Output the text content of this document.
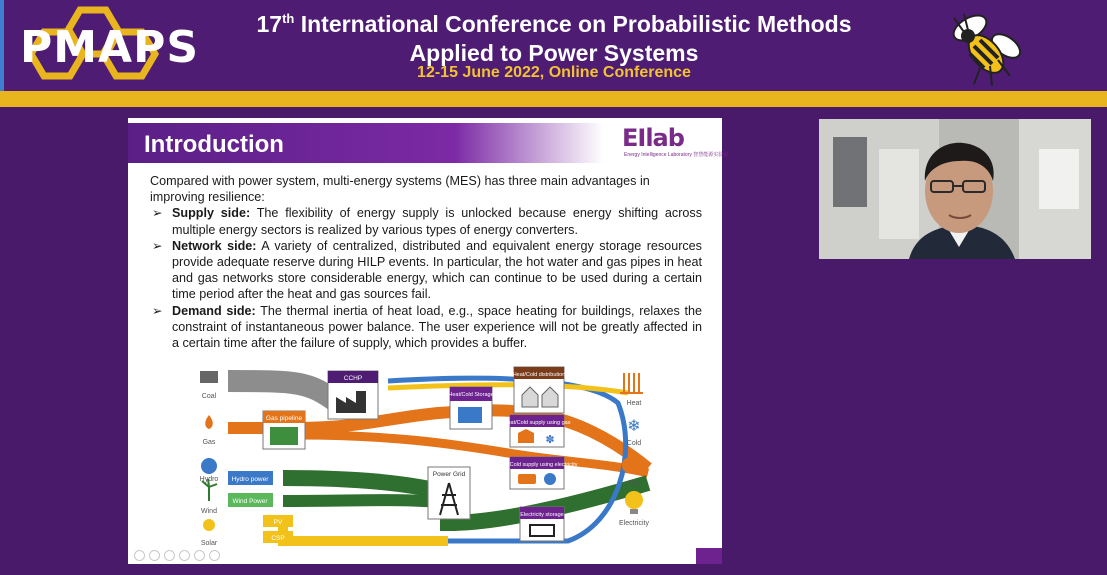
PMAPS	17th International Conference on Probabilistic Methods
Applied to Power Systems
12-15 June 2022, Online Conference
Introduction	EIlab
Energy Intelligence Laboratory 智慧能源实验室

Compared with power system, multi-energy systems (MES) has three main advantages in improving resilience:

➢ Supply side: The flexibility of energy supply is unlocked because energy shifting across multiple energy sectors is realized by various types of energy converters.

➢ Network side: A variety of centralized, distributed and equivalent energy storage resources provide adequate reserve during HILP events. In particular, the hot water and gas pipes in heat and gas networks store considerable energy, which can continue to be used during a certain time period after the heat and gas sources fail.

➢ Demand side: The thermal inertia of heat load, e.g., space heating for buildings, relaxes the constraint of instantaneous power balance. The user experience will not be greatly affected in a certain time after the failure of supply, which provides a buffer.

Coal
Gas
Hydro
Wind
Solar
Hydro power
Wind Power
PV
CSP
CCHP
Gas pipeline
Power Grid
Heat/Cold Storage
Heat/Cold distribution
Heat/Cold supply using gas
✽
Heat/Cold supply using electricity
Electricity storage
❄
Heat
Cold
Gas
Electricity
